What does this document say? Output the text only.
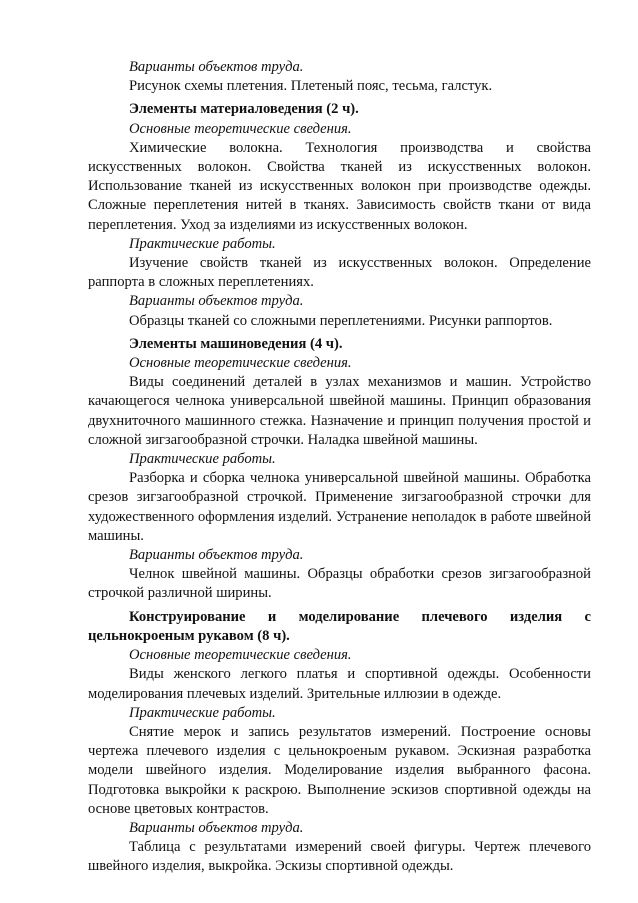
Варианты объектов труда.

Рисунок схемы плетения. Плетеный пояс, тесьма, галстук.

Элементы материаловедения (2 ч).

Основные теоретические сведения.

Химические волокна. Технология производства и свойства искусственных волокон. Свойства тканей из искусственных волокон. Использование тканей из искусственных волокон при производстве одежды. Сложные переплетения нитей в тканях. Зависимость свойств ткани от вида переплетения. Уход за изделиями из искусственных волокон.

Практические работы.

Изучение свойств тканей из искусственных волокон. Определение раппорта в сложных переплетениях.

Варианты объектов труда.

Образцы тканей со сложными переплетениями. Рисунки раппортов.

Элементы машиноведения (4 ч).

Основные теоретические сведения.

Виды соединений деталей в узлах механизмов и машин. Устройство качающегося челнока универсальной швейной машины. Принцип образования двухниточного машинного стежка. Назначение и принцип получения простой и сложной зигзагообразной строчки. Наладка швейной машины.

Практические работы.

Разборка и сборка челнока универсальной швейной машины. Обработка срезов зигзагообразной строчкой. Применение зигзагообразной строчки для художественного оформления изделий. Устранение неполадок в работе швейной машины.

Варианты объектов труда.

Челнок швейной машины. Образцы обработки срезов зигзагообразной строчкой различной ширины.

Конструирование и моделирование плечевого изделия с цельнокроеным рукавом (8 ч).

Основные теоретические сведения.

Виды женского легкого платья и спортивной одежды. Особенности моделирования плечевых изделий. Зрительные иллюзии в одежде.

Практические работы.

Снятие мерок и запись результатов измерений. Построение основы чертежа плечевого изделия с цельнокроеным рукавом. Эскизная разработка модели швейного изделия. Моделирование изделия выбранного фасона. Подготовка выкройки к раскрою. Выполнение эскизов спортивной одежды на основе цветовых контрастов.

Варианты объектов труда.

Таблица с результатами измерений своей фигуры. Чертеж плечевого швейного изделия, выкройка. Эскизы спортивной одежды.
